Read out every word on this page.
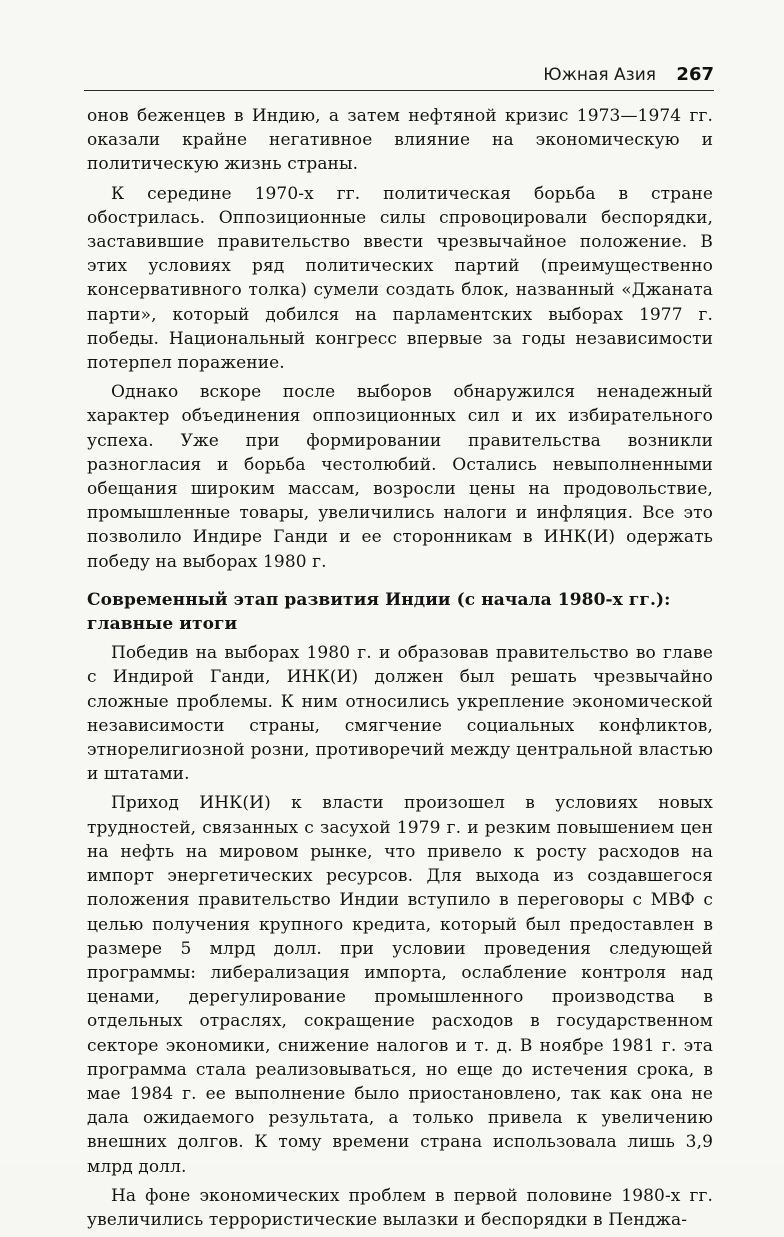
Южная Азия 267

онов беженцев в Индию, а затем нефтяной кризис 1973—1974 гг. оказали крайне негативное влияние на экономическую и политическую жизнь страны.

К середине 1970-х гг. политическая борьба в стране обострилась. Оппозиционные силы спровоцировали беспорядки, заставившие правительство ввести чрезвычайное положение. В этих условиях ряд политических партий (преимущественно консервативного толка) сумели создать блок, названный «Джаната парти», который добился на парламентских выборах 1977 г. победы. Национальный конгресс впервые за годы независимости потерпел поражение.

Однако вскоре после выборов обнаружился ненадежный характер объединения оппозиционных сил и их избирательного успеха. Уже при формировании правительства возникли разногласия и борьба честолюбий. Остались невыполненными обещания широким массам, возросли цены на продовольствие, промышленные товары, увеличились налоги и инфляция. Все это позволило Индире Ганди и ее сторонникам в ИНК(И) одержать победу на выборах 1980 г.

Современный этап развития Индии (с начала 1980-х гг.): главные итоги

Победив на выборах 1980 г. и образовав правительство во главе с Индирой Ганди, ИНК(И) должен был решать чрезвычайно сложные проблемы. К ним относились укрепление экономической независимости страны, смягчение социальных конфликтов, этнорелигиозной розни, противоречий между центральной властью и штатами.

Приход ИНК(И) к власти произошел в условиях новых трудностей, связанных с засухой 1979 г. и резким повышением цен на нефть на мировом рынке, что привело к росту расходов на импорт энергетических ресурсов. Для выхода из создавшегося положения правительство Индии вступило в переговоры с МВФ с целью получения крупного кредита, который был предоставлен в размере 5 млрд долл. при условии проведения следующей программы: либерализация импорта, ослабление контроля над ценами, дерегулирование промышленного производства в отдельных отраслях, сокращение расходов в государственном секторе экономики, снижение налогов и т. д. В ноябре 1981 г. эта программа стала реализовываться, но еще до истечения срока, в мае 1984 г. ее выполнение было приостановлено, так как она не дала ожидаемого результата, а только привела к увеличению внешних долгов. К тому времени страна использовала лишь 3,9 млрд долл.

На фоне экономических проблем в первой половине 1980-х гг. увеличились террористические вылазки и беспорядки в Пенджа-
